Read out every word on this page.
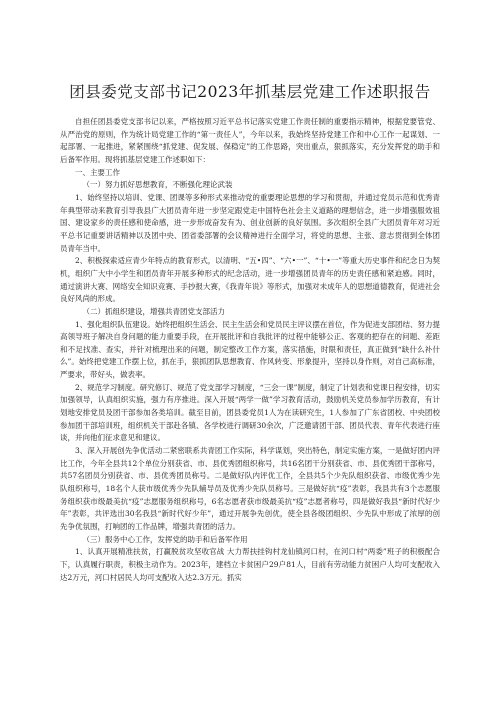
团县委党支部书记2023年抓基层党建工作述职报告

自担任团县委党支部书记以来，严格按照习近平总书记落实党建工作责任制的重要指示精神，根据党要管党、从严治党的原则，作为统计局党建工作的“第一责任人”，今年以来，我始终坚持党建工作和中心工作一起谋划、一起部署、一起推进，紧紧围绕“抓党建、促发展、保稳定”的工作思路，突出重点，狠抓落实，充分发挥党的助手和后备军作用。现将抓基层党建工作述职如下：

一、主要工作

（一）努力抓好思想教育，不断强化理论武装

1、始终坚持以培训、党课、团课等多种形式来推动党的重要理论思想的学习和贯彻，并通过党员示范和优秀青年典型带动来教育引导我县广大团员青年进一步坚定跟党走中国特色社会主义道路的理想信念，进一步增强服效祖国、建设家乡的责任感和使命感，进一步形成奋发有为、创业创新的良好氛围。多次组织全县广大团员青年对习近平总书记重要讲话精神以及团中央、团省委部署的会议精神进行全面学习，将党的思想、主张、意志贯彻到全体团员青年当中。

2、积极探索适应青少年特点的教育形式，以清明、“五•四”、“六•一”、“十•一”等重大历史事件和纪念日为契机，组织广大中小学生和团员青年开展多种形式的纪念活动，进一步增强团员青年的历史责任感和紧迫感。同时，通过演讲大赛、网络安全知识竞赛、手抄报大赛，《我青年说》等形式，加强对未成年人的思想道德教育，促进社会良好风尚的形成。

（二）抓组织建设，增强共青团党支部活力

1、强化组织队伍建设。始终把组织生活会、民主生活会和党员民主评议摆在首位，作为促进支部团结、努力提高领导班子解决自身问题的能力重要手段，在开展批评和自我批评的过程中能够公正、客观的把存在的问题、差距和不足找准、查实，并针对梳理出来的问题，制定整改工作方案，落实措施，时限和责任，真正做到“缺什么补什么”。始终把党建工作摆上位，抓在手，狠抓团队思想教育、作风转变、形象提升，坚持以身作则，对自己高标准，严要求，带好头，做表率。

2、规范学习制度。研究修订、规范了党支部学习制度，“三会一课”制度，制定了计划表和党课日程安排，切实加强领导，认真组织实施，强力有序推进。深入开展“两学一做”学习教育活动，鼓励机关党员参加学历教育，有计划地安排党员及团干部参加各类培训。截至目前，团县委党员1人为在读研究生，1人参加了广东省团校、中央团校参加团干部培训班，组织机关干部赴各镇、各学校进行调研30余次，广泛邀请团干部、团员代表、青年代表进行座谈，并向他们征求意见和建议。

3、深入开展创先争优活动二紧密联系共青团工作实际，科学谋划，突出特色，制定实施方案，一是做好团内评比工作，今年全县共12个单位分别获省、市、县优秀团组织称号，共16名团干分别获省、市、县优秀团干部称号，共57名团员分别获省、市、县优秀团员称号。二是做好队内评优工作，全县共5个少先队组织获省、市级优秀少先队组织称号，18名个人获市级优秀少先队辅导员及优秀少先队员称号。三是做好抗“疫”表彰，我县共有3个志愿服务组织获市级最美抗“疫”志愿服务组织称号，6名志愿者获市级最美抗“疫”志愿者称号，四是做好我县“新时代好少年”表彰，共评选出30名我县“新时代好少年”，通过开展争先创优，使全县各级团组织、少先队中形成了浓厚的创先争优氛围，打响团的工作品牌，增强共青团的活力。

（三）服务中心工作，发挥党的助手和后备军作用

1、认真开展精准扶贫，打赢脱贫攻坚收官战 大力帮扶挂钩村龙仙镇河口村，在河口村“两委”班子的积极配合下，认真履行职责，积极主动作为。2023年，建档立卡贫困户29户81人，目前有劳动能力贫困户人均可支配收入达2万元，河口村居民人均可支配收入达2.3万元。抓实
